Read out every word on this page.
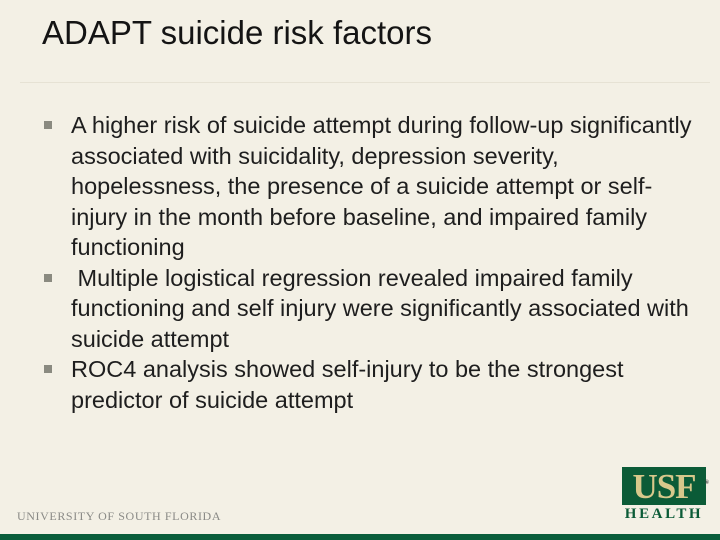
ADAPT suicide risk factors
A higher risk of suicide attempt during follow-up significantly associated with suicidality, depression severity, hopelessness, the presence of a suicide attempt or self- injury in the month before baseline, and impaired family functioning
Multiple logistical regression revealed impaired family functioning and self injury were significantly associated with suicide attempt
ROC4 analysis showed self-injury to be the strongest predictor of suicide attempt
UNIVERSITY OF SOUTH FLORIDA
USF ®
HEALTH
